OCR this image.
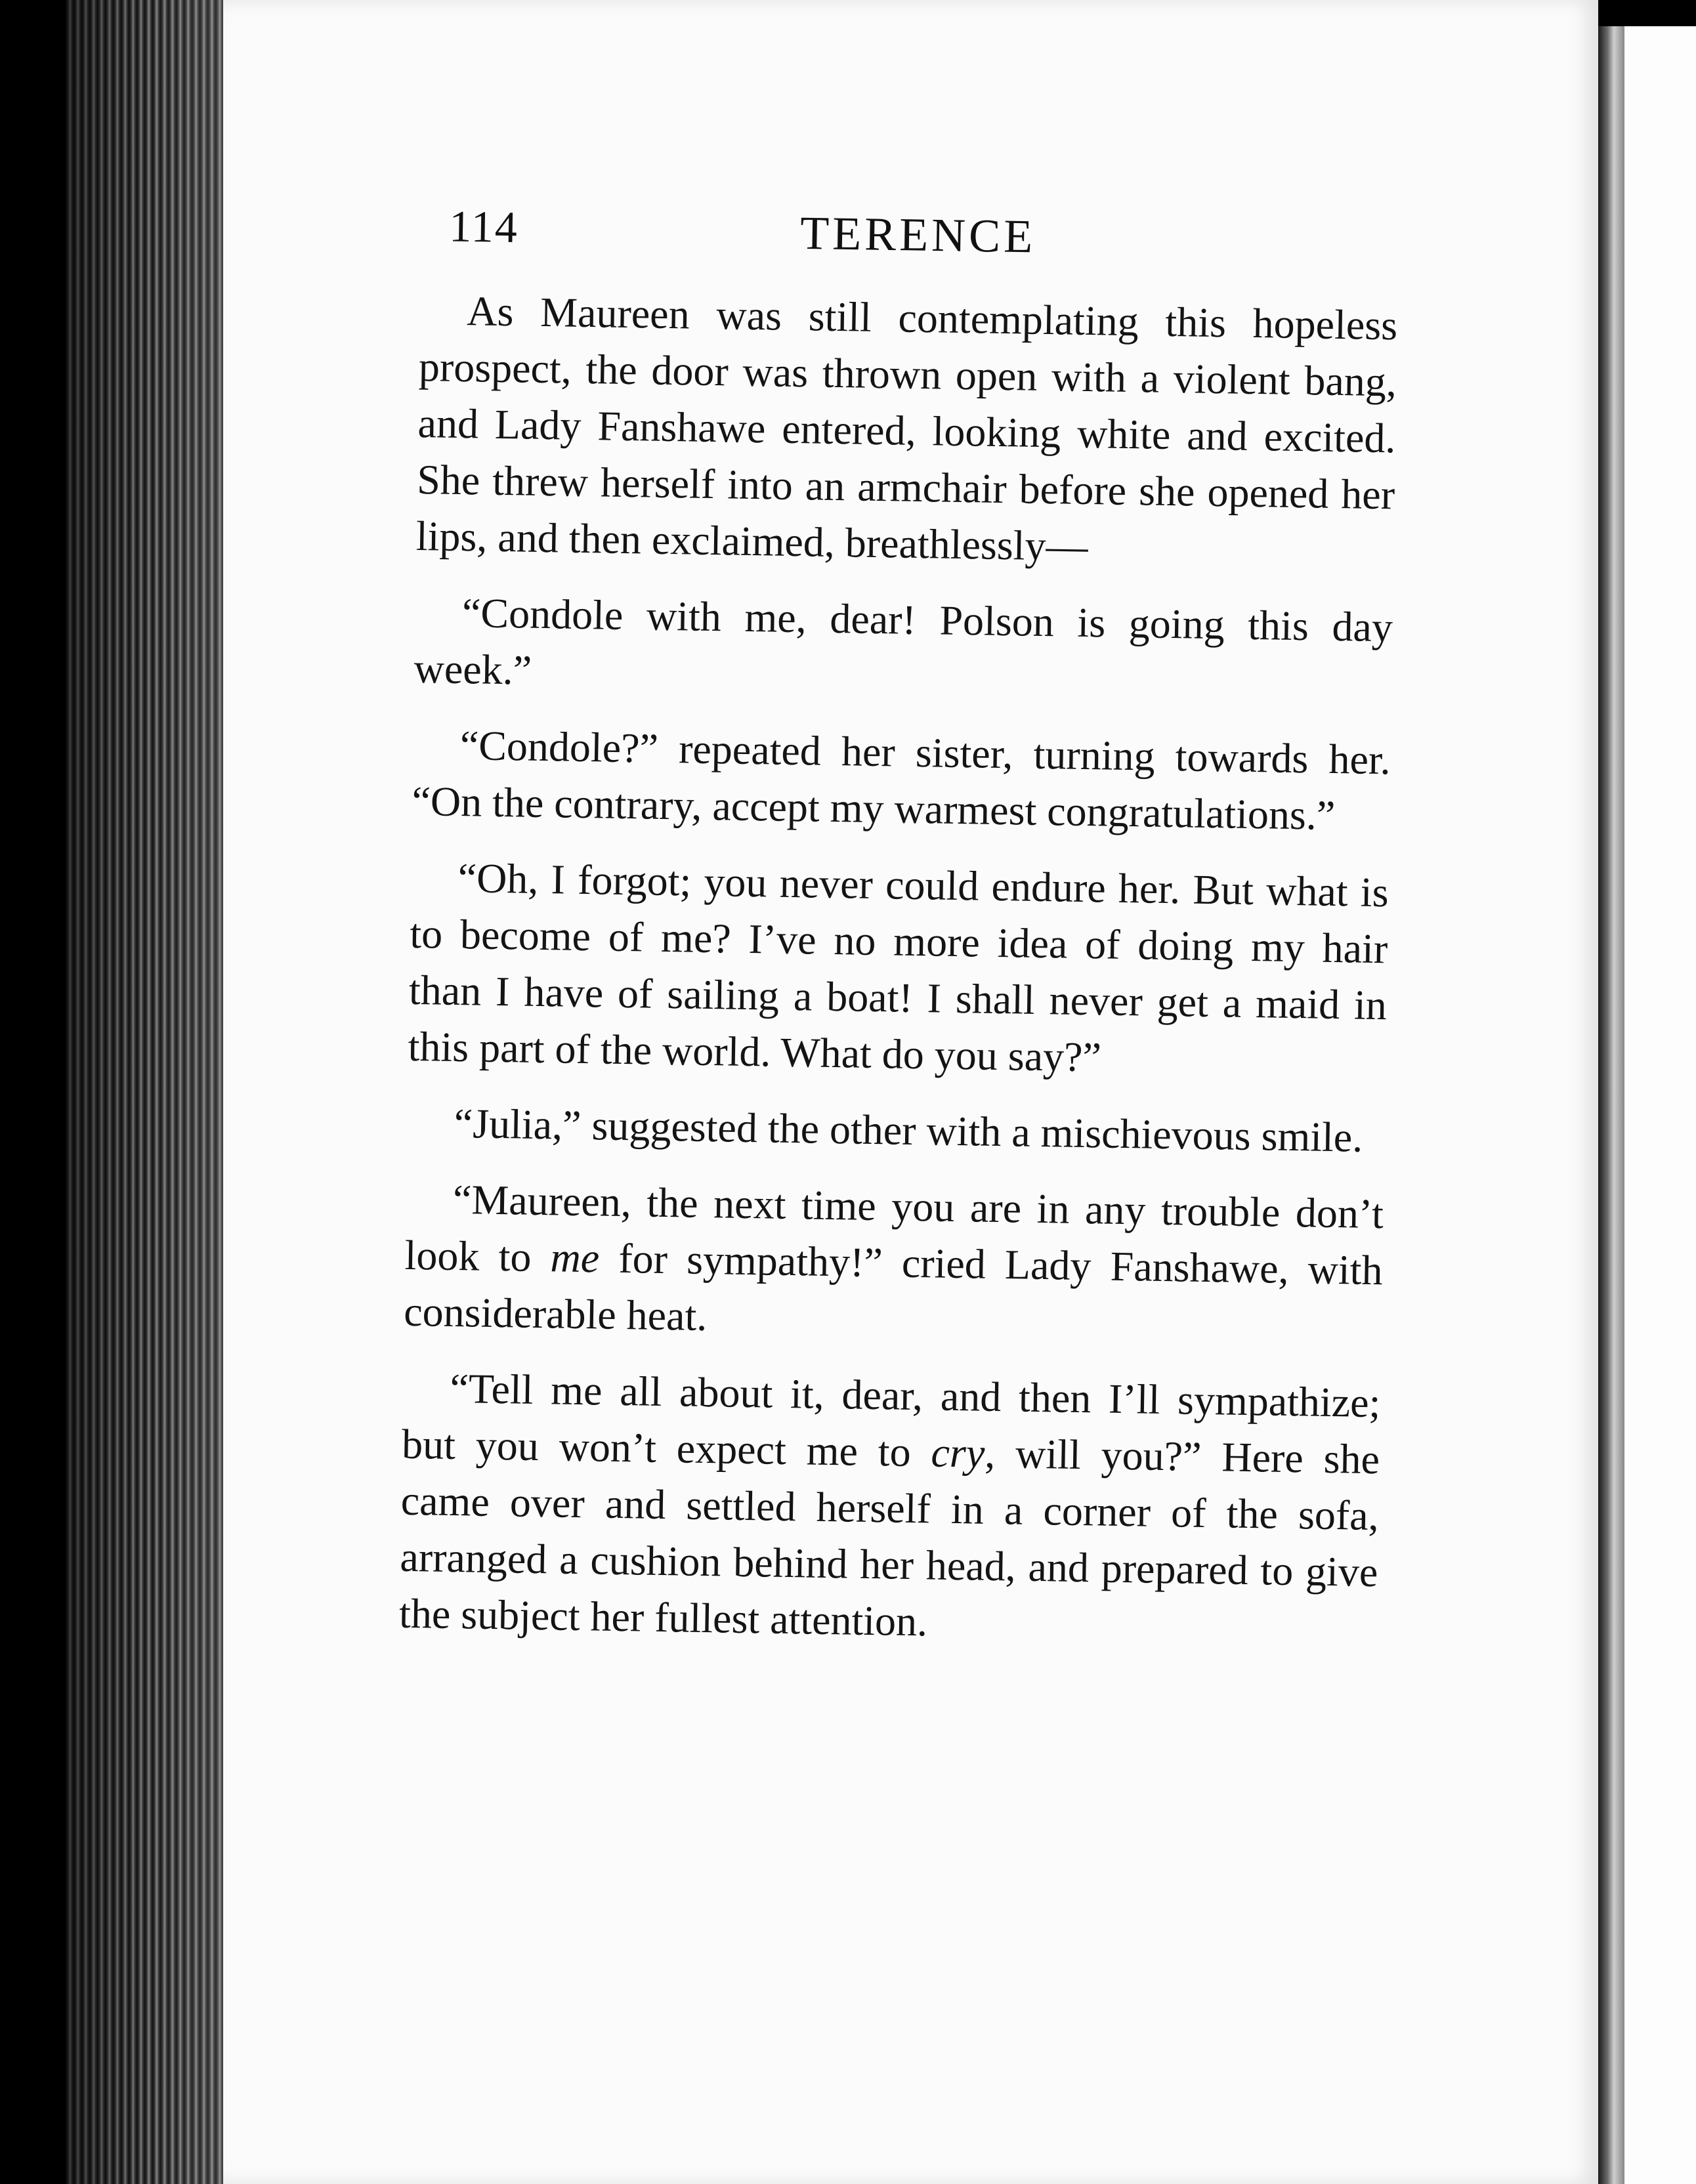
114	TERENCE

As Maureen was still contemplating this hopeless prospect, the door was thrown open with a violent bang, and Lady Fanshawe entered, looking white and excited. She threw herself into an armchair before she opened her lips, and then exclaimed, breathlessly—

“Condole with me, dear! Polson is going this day week.”

“Condole?” repeated her sister, turning towards her. “On the contrary, accept my warmest congratulations.”

“Oh, I forgot; you never could endure her. But what is to become of me? I’ve no more idea of doing my hair than I have of sailing a boat! I shall never get a maid in this part of the world. What do you say?”

“Julia,” suggested the other with a mischievous smile.

“Maureen, the next time you are in any trouble don’t look to me for sympathy!” cried Lady Fanshawe, with considerable heat.

“Tell me all about it, dear, and then I’ll sympathize; but you won’t expect me to cry, will you?” Here she came over and settled herself in a corner of the sofa, arranged a cushion behind her head, and prepared to give the subject her fullest attention.
